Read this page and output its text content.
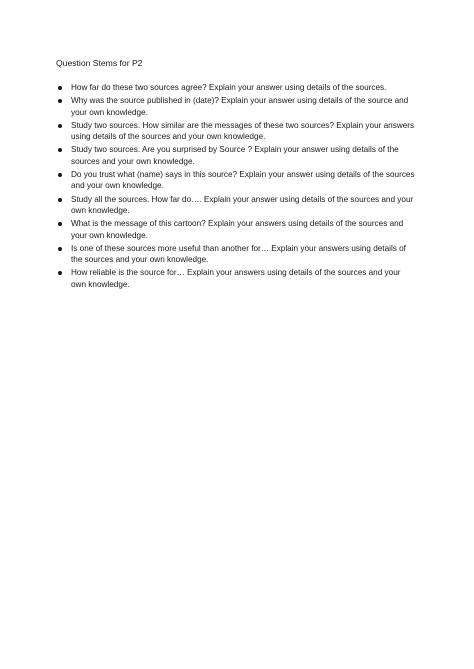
Question Stems for P2

How far do these two sources agree? Explain your answer using details of the sources.
Why was the source published in (date)? Explain your answer using details of the source and your own knowledge.
Study two sources. How similar are the messages of these two sources? Explain your answers using details of the sources and your own knowledge.
Study two sources. Are you surprised by Source ? Explain your answer using details of the sources and your own knowledge.
Do you trust what (name) says in this source? Explain your answer using details of the sources and your own knowledge.
Study all the sources. How far do…. Explain your answer using details of the sources and your own knowledge.
What is the message of this cartoon? Explain your answers using details of the sources and your own knowledge.
Is one of these sources more useful than another for… Explain your answers using details of the sources and your own knowledge.
How reliable is the source for… Explain your answers using details of the sources and your own knowledge.
